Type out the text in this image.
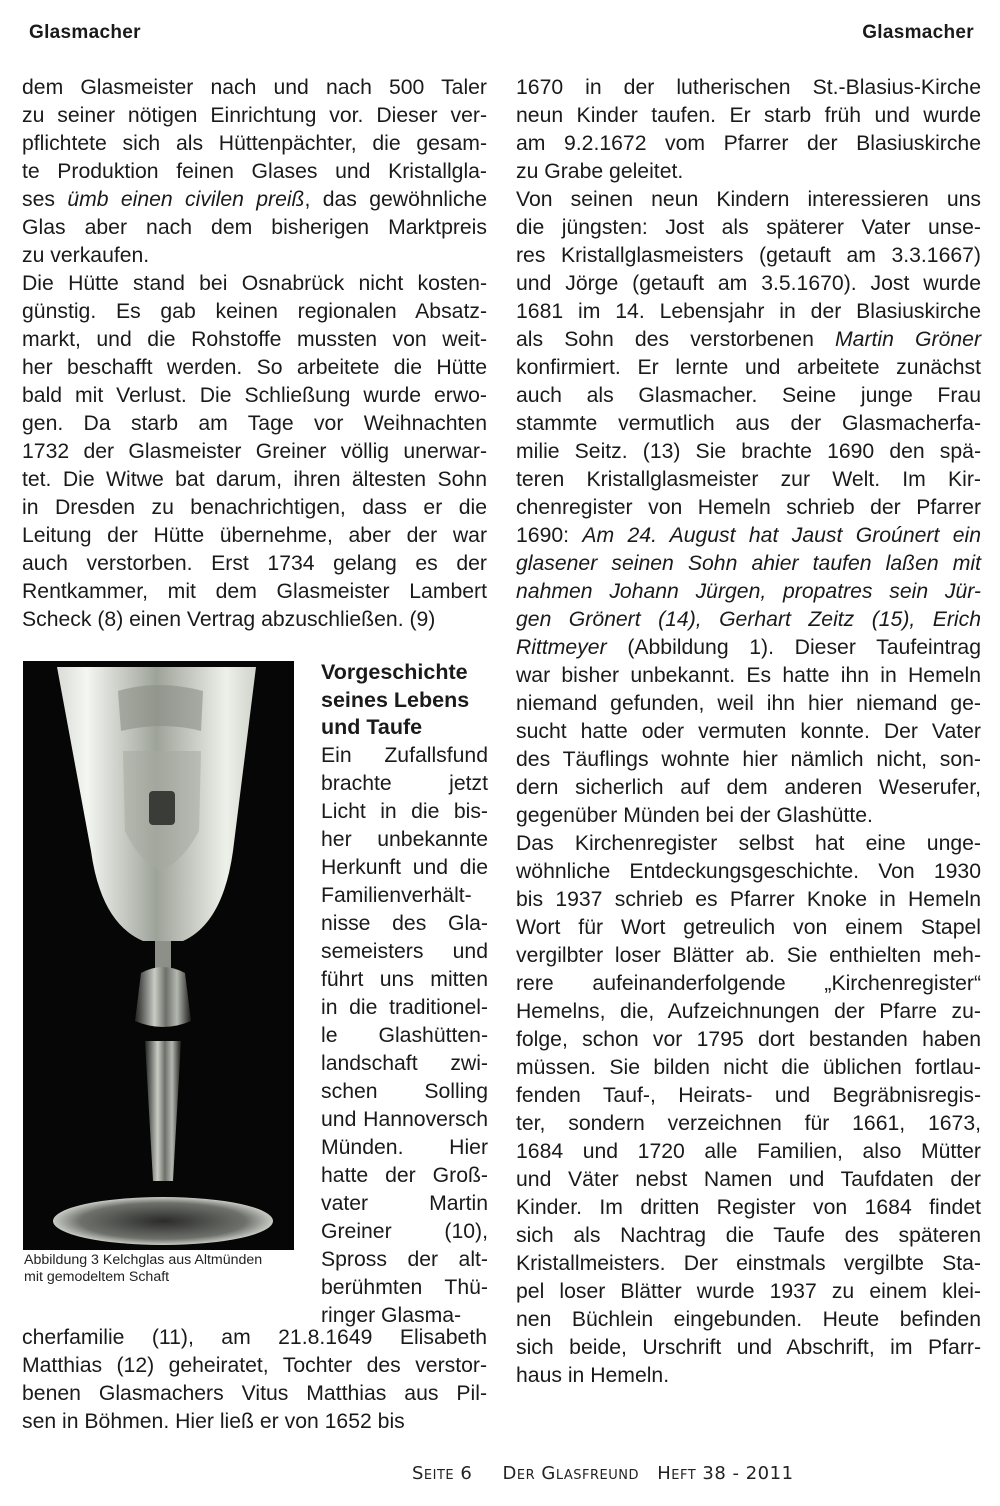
Glasmacher	Glasmacher
dem Glasmeister nach und nach 500 Taler
zu seiner nötigen Einrichtung vor. Dieser ver-
pflichtete sich als Hüttenpächter, die gesam-
te Produktion feinen Glases und Kristallgla-
ses ümb einen civilen preiß, das gewöhnliche
Glas aber nach dem bisherigen Marktpreis
zu verkaufen.
Die Hütte stand bei Osnabrück nicht kosten-
günstig. Es gab keinen regionalen Absatz-
markt, und die Rohstoffe mussten von weit-
her beschafft werden. So arbeitete die Hütte
bald mit Verlust. Die Schließung wurde erwo-
gen. Da starb am Tage vor Weihnachten
1732 der Glasmeister Greiner völlig unerwar-
tet. Die Witwe bat darum, ihren ältesten Sohn
in Dresden zu benachrichtigen, dass er die
Leitung der Hütte übernehme, aber der war
auch verstorben. Erst 1734 gelang es der
Rentkammer, mit dem Glasmeister Lambert
Scheck (8) einen Vertrag abzuschließen. (9)
Abbildung 3 Kelchglas aus Altmünden
mit gemodeltem Schaft
Vorgeschichte
seines Lebens
und Taufe
Ein Zufallsfund
brachte jetzt
Licht in die bis-
her unbekannte
Herkunft und die
Familienverhält-
nisse des Gla-
semeisters und
führt uns mitten
in die traditionel-
le Glashütten-
landschaft zwi-
schen Solling
und Hannoversch
Münden. Hier
hatte der Groß-
vater Martin
Greiner (10),
Spross der alt-
berühmten Thü-
ringer Glasma-
cherfamilie (11), am 21.8.1649 Elisabeth
Matthias (12) geheiratet, Tochter des verstor-
benen Glasmachers Vitus Matthias aus Pil-
sen in Böhmen. Hier ließ er von 1652 bis
1670 in der lutherischen St.-Blasius-Kirche
neun Kinder taufen. Er starb früh und wurde
am 9.2.1672 vom Pfarrer der Blasiuskirche
zu Grabe geleitet.
Von seinen neun Kindern interessieren uns
die jüngsten: Jost als späterer Vater unse-
res Kristallglasmeisters (getauft am 3.3.1667)
und Jörge (getauft am 3.5.1670). Jost wurde
1681 im 14. Lebensjahr in der Blasiuskirche
als Sohn des verstorbenen Martin Gröner
konfirmiert. Er lernte und arbeitete zunächst
auch als Glasmacher. Seine junge Frau
stammte vermutlich aus der Glasmacherfa-
milie Seitz. (13) Sie brachte 1690 den spä-
teren Kristallglasmeister zur Welt. Im Kir-
chenregister von Hemeln schrieb der Pfarrer
1690: Am 24. August hat Jaust Groúnert ein
glasener seinen Sohn ahier taufen laßen mit
nahmen Johann Jürgen, propatres sein Jür-
gen Grönert (14), Gerhart Zeitz (15), Erich
Rittmeyer (Abbildung 1). Dieser Taufeintrag
war bisher unbekannt. Es hatte ihn in Hemeln
niemand gefunden, weil ihn hier niemand ge-
sucht hatte oder vermuten konnte. Der Vater
des Täuflings wohnte hier nämlich nicht, son-
dern sicherlich auf dem anderen Weserufer,
gegenüber Münden bei der Glashütte.
Das Kirchenregister selbst hat eine unge-
wöhnliche Entdeckungsgeschichte. Von 1930
bis 1937 schrieb es Pfarrer Knoke in Hemeln
Wort für Wort getreulich von einem Stapel
vergilbter loser Blätter ab. Sie enthielten meh-
rere aufeinanderfolgende „Kirchenregister“
Hemelns, die, Aufzeichnungen der Pfarre zu-
folge, schon vor 1795 dort bestanden haben
müssen. Sie bilden nicht die üblichen fortlau-
fenden Tauf-, Heirats- und Begräbnisregis-
ter, sondern verzeichnen für 1661, 1673,
1684 und 1720 alle Familien, also Mütter
und Väter nebst Namen und Taufdaten der
Kinder. Im dritten Register von 1684 findet
sich als Nachtrag die Taufe des späteren
Kristallmeisters. Der einstmals vergilbte Sta-
pel loser Blätter wurde 1937 zu einem klei-
nen Büchlein eingebunden. Heute befinden
sich beide, Urschrift und Abschrift, im Pfarr-
haus in Hemeln.
Seite 6 Der Glasfreund Heft 38 - 2011
